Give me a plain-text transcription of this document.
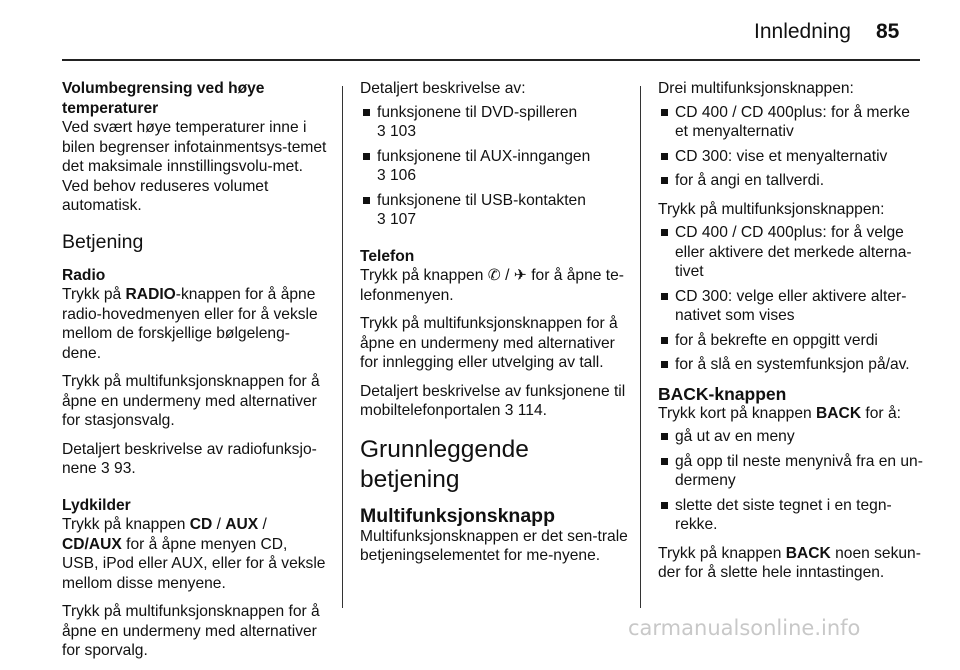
Innledning 85

Volumbegrensing ved høye temperaturer

Ved svært høye temperaturer inne i bilen begrenser infotainmentsys-temet det maksimale innstillingsvolu-met. Ved behov reduseres volumet automatisk.

Betjening

Radio

Trykk på RADIO-knappen for å åpne radio-hovedmenyen eller for å veksle mellom de forskjellige bølgeleng-dene.

Trykk på multifunksjonsknappen for å åpne en undermeny med alternativer for stasjonsvalg.

Detaljert beskrivelse av radiofunksjo-nene 3 93.

Lydkilder

Trykk på knappen CD / AUX /
CD/AUX for å åpne menyen CD, USB, iPod eller AUX, eller for å veksle mellom disse menyene.

Trykk på multifunksjonsknappen for å åpne en undermeny med alternativer for sporvalg.

Detaljert beskrivelse av:

funksjonene til DVD-spilleren
3 103
funksjonene til AUX-inngangen
3 106
funksjonene til USB-kontakten
3 107

Telefon

Trykk på knappen ✆ / ✈ for å åpne te-lefonmenyen.

Trykk på multifunksjonsknappen for å åpne en undermeny med alternativer for innlegging eller utvelging av tall.

Detaljert beskrivelse av funksjonene til mobiltelefonportalen 3 114.

Grunnleggende betjening

Multifunksjonsknapp

Multifunksjonsknappen er det sen-trale betjeningselementet for me-nyene.

Drei multifunksjonsknappen:

CD 400 / CD 400plus: for å merke et menyalternativ
CD 300: vise et menyalternativ
for å angi en tallverdi.

Trykk på multifunksjonsknappen:

CD 400 / CD 400plus: for å velge eller aktivere det merkede alterna-tivet
CD 300: velge eller aktivere alter-nativet som vises
for å bekrefte en oppgitt verdi
for å slå en systemfunksjon på/av.

BACK-knappen

Trykk kort på knappen BACK for å:

gå ut av en meny
gå opp til neste menynivå fra en un-dermeny
slette det siste tegnet i en tegn-rekke.

Trykk på knappen BACK noen sekun-der for å slette hele inntastingen.

carmanualsonline.info
